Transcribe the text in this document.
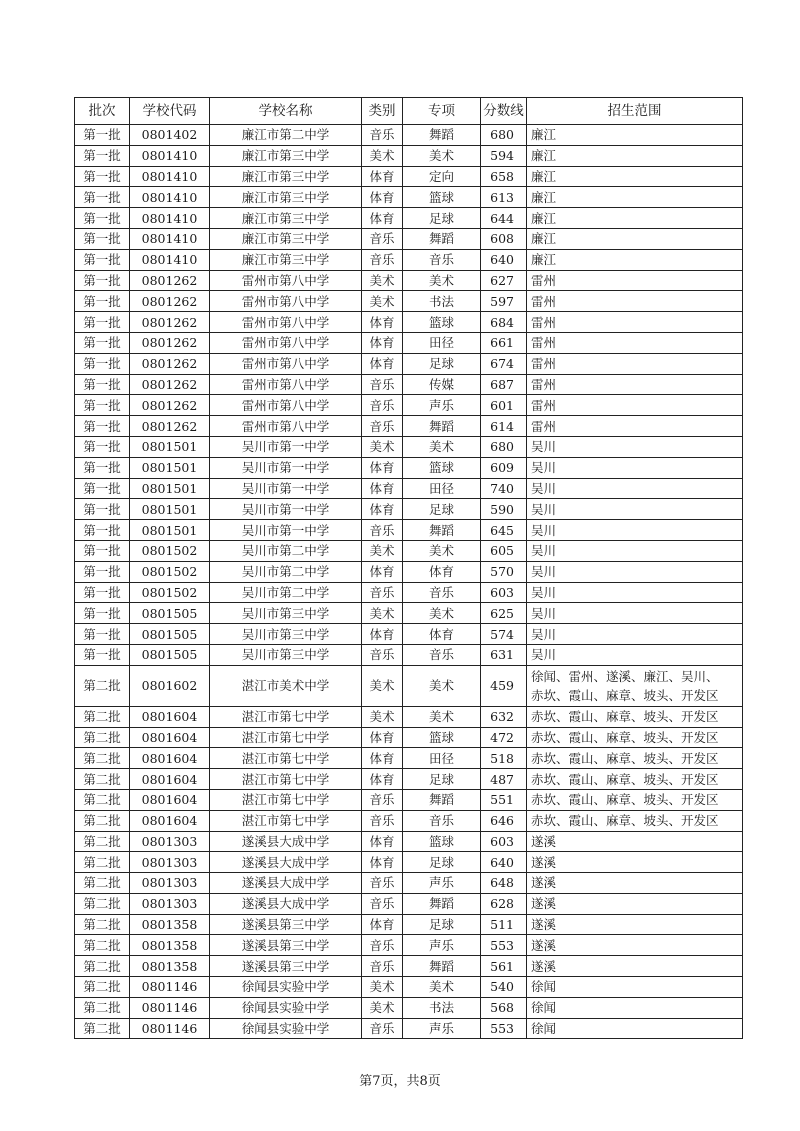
批次	学校代码	学校名称	类别	专项	分数线	招生范围
第一批	0801402	廉江市第二中学	音乐	舞蹈	680	廉江

第一批	0801410	廉江市第三中学	美术	美术	594	廉江

第一批	0801410	廉江市第三中学	体育	定向	658	廉江

第一批	0801410	廉江市第三中学	体育	篮球	613	廉江

第一批	0801410	廉江市第三中学	体育	足球	644	廉江

第一批	0801410	廉江市第三中学	音乐	舞蹈	608	廉江

第一批	0801410	廉江市第三中学	音乐	音乐	640	廉江

第一批	0801262	雷州市第八中学	美术	美术	627	雷州

第一批	0801262	雷州市第八中学	美术	书法	597	雷州

第一批	0801262	雷州市第八中学	体育	篮球	684	雷州

第一批	0801262	雷州市第八中学	体育	田径	661	雷州

第一批	0801262	雷州市第八中学	体育	足球	674	雷州

第一批	0801262	雷州市第八中学	音乐	传媒	687	雷州

第一批	0801262	雷州市第八中学	音乐	声乐	601	雷州

第一批	0801262	雷州市第八中学	音乐	舞蹈	614	雷州

第一批	0801501	吴川市第一中学	美术	美术	680	吴川

第一批	0801501	吴川市第一中学	体育	篮球	609	吴川

第一批	0801501	吴川市第一中学	体育	田径	740	吴川

第一批	0801501	吴川市第一中学	体育	足球	590	吴川

第一批	0801501	吴川市第一中学	音乐	舞蹈	645	吴川

第一批	0801502	吴川市第二中学	美术	美术	605	吴川

第一批	0801502	吴川市第二中学	体育	体育	570	吴川

第一批	0801502	吴川市第二中学	音乐	音乐	603	吴川

第一批	0801505	吴川市第三中学	美术	美术	625	吴川

第一批	0801505	吴川市第三中学	体育	体育	574	吴川

第一批	0801505	吴川市第三中学	音乐	音乐	631	吴川

第二批	0801602	湛江市美术中学	美术	美术	459	徐闻、雷州、遂溪、廉江、吴川、
赤坎、霞山、麻章、坡头、开发区

第二批	0801604	湛江市第七中学	美术	美术	632	赤坎、霞山、麻章、坡头、开发区

第二批	0801604	湛江市第七中学	体育	篮球	472	赤坎、霞山、麻章、坡头、开发区

第二批	0801604	湛江市第七中学	体育	田径	518	赤坎、霞山、麻章、坡头、开发区

第二批	0801604	湛江市第七中学	体育	足球	487	赤坎、霞山、麻章、坡头、开发区

第二批	0801604	湛江市第七中学	音乐	舞蹈	551	赤坎、霞山、麻章、坡头、开发区

第二批	0801604	湛江市第七中学	音乐	音乐	646	赤坎、霞山、麻章、坡头、开发区

第二批	0801303	遂溪县大成中学	体育	篮球	603	遂溪

第二批	0801303	遂溪县大成中学	体育	足球	640	遂溪

第二批	0801303	遂溪县大成中学	音乐	声乐	648	遂溪

第二批	0801303	遂溪县大成中学	音乐	舞蹈	628	遂溪

第二批	0801358	遂溪县第三中学	体育	足球	511	遂溪

第二批	0801358	遂溪县第三中学	音乐	声乐	553	遂溪

第二批	0801358	遂溪县第三中学	音乐	舞蹈	561	遂溪

第二批	0801146	徐闻县实验中学	美术	美术	540	徐闻

第二批	0801146	徐闻县实验中学	美术	书法	568	徐闻

第二批	0801146	徐闻县实验中学	音乐	声乐	553	徐闻
第7页，共8页
